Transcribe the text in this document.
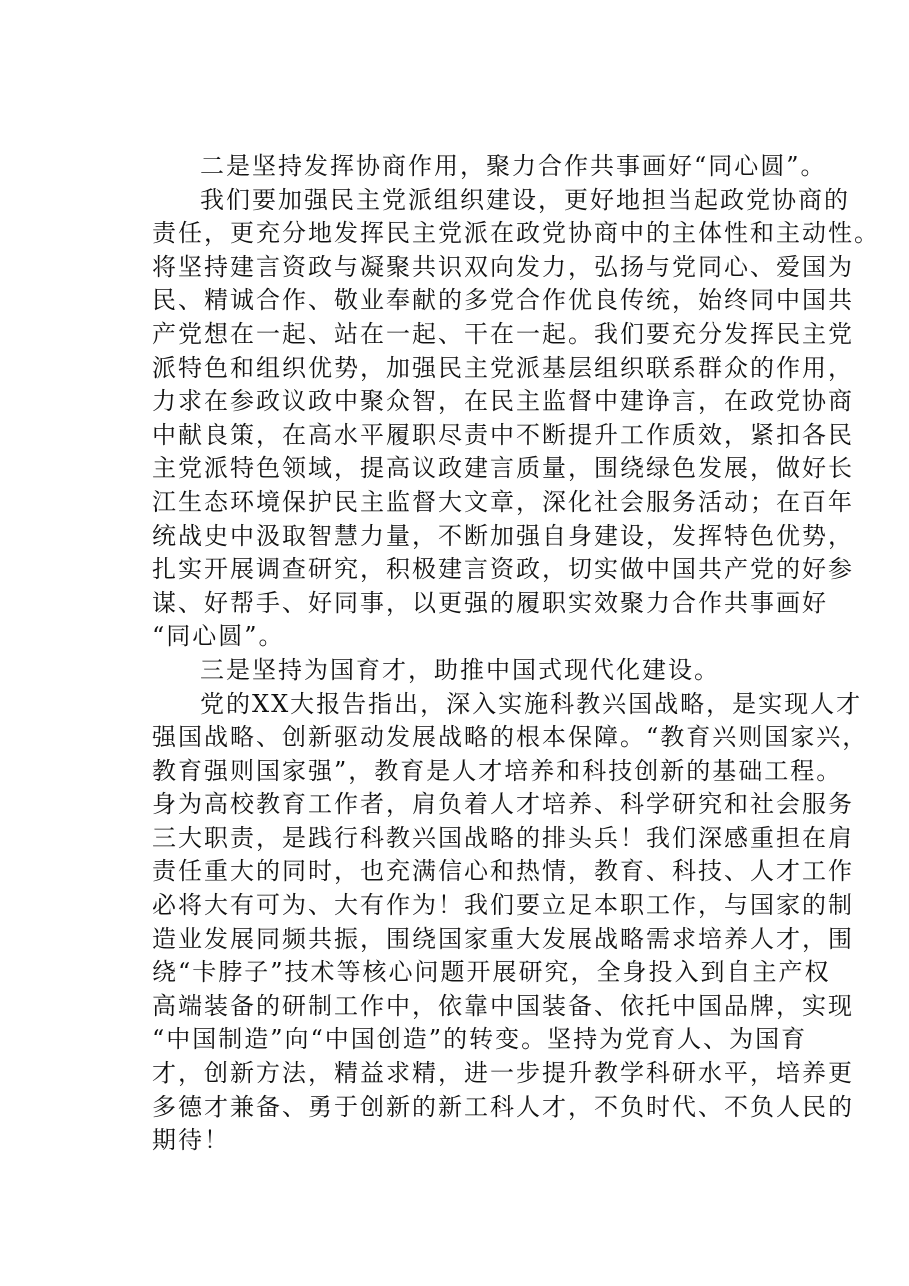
二是坚持发挥协商作用，聚力合作共事画好“同心圆”。
我们要加强民主党派组织建设，更好地担当起政党协商的
责任，更充分地发挥民主党派在政党协商中的主体性和主动性。
将坚持建言资政与凝聚共识双向发力，弘扬与党同心、爱国为
民、精诚合作、敬业奉献的多党合作优良传统，始终同中国共
产党想在一起、站在一起、干在一起。我们要充分发挥民主党
派特色和组织优势，加强民主党派基层组织联系群众的作用，
力求在参政议政中聚众智，在民主监督中建诤言，在政党协商
中献良策，在高水平履职尽责中不断提升工作质效，紧扣各民
主党派特色领域，提高议政建言质量，围绕绿色发展，做好长
江生态环境保护民主监督大文章，深化社会服务活动；在百年
统战史中汲取智慧力量，不断加强自身建设，发挥特色优势，
扎实开展调查研究，积极建言资政，切实做中国共产党的好参
谋、好帮手、好同事，以更强的履职实效聚力合作共事画好
“同心圆”。
三是坚持为国育才，助推中国式现代化建设。
党的XX大报告指出，深入实施科教兴国战略，是实现人才
强国战略、创新驱动发展战略的根本保障。“教育兴则国家兴，
教育强则国家强”，教育是人才培养和科技创新的基础工程。
身为高校教育工作者，肩负着人才培养、科学研究和社会服务
三大职责，是践行科教兴国战略的排头兵！我们深感重担在肩
责任重大的同时，也充满信心和热情，教育、科技、人才工作
必将大有可为、大有作为！我们要立足本职工作，与国家的制
造业发展同频共振，围绕国家重大发展战略需求培养人才，围
绕“卡脖子”技术等核心问题开展研究，全身投入到自主产权
高端装备的研制工作中，依靠中国装备、依托中国品牌，实现
“中国制造”向“中国创造”的转变。坚持为党育人、为国育
才，创新方法，精益求精，进一步提升教学科研水平，培养更
多德才兼备、勇于创新的新工科人才，不负时代、不负人民的
期待！
